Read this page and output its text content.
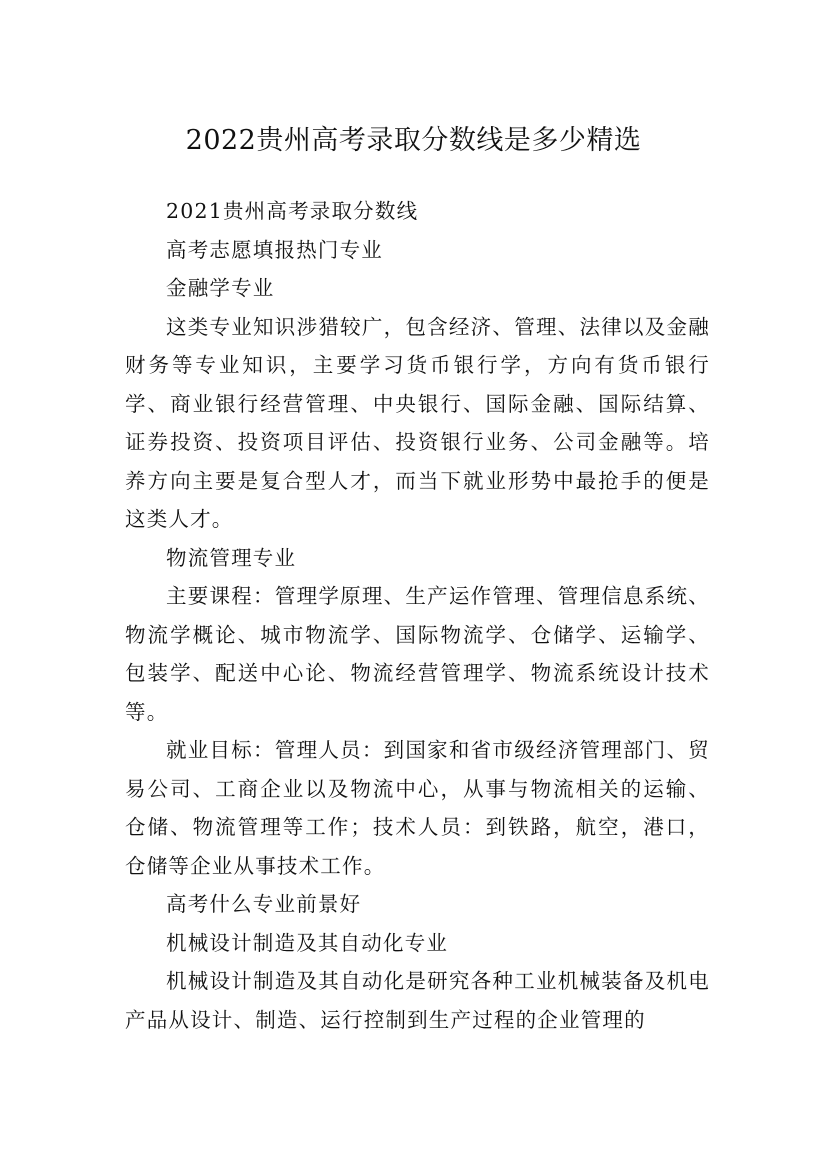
2022贵州高考录取分数线是多少精选

2021贵州高考录取分数线

高考志愿填报热门专业

金融学专业

这类专业知识涉猎较广，包含经济、管理、法律以及金融财务等专业知识，主要学习货币银行学，方向有货币银行学、商业银行经营管理、中央银行、国际金融、国际结算、证券投资、投资项目评估、投资银行业务、公司金融等。培养方向主要是复合型人才，而当下就业形势中最抢手的便是这类人才。

物流管理专业

主要课程：管理学原理、生产运作管理、管理信息系统、物流学概论、城市物流学、国际物流学、仓储学、运输学、包装学、配送中心论、物流经营管理学、物流系统设计技术等。

就业目标：管理人员：到国家和省市级经济管理部门、贸易公司、工商企业以及物流中心，从事与物流相关的运输、仓储、物流管理等工作；技术人员：到铁路，航空，港口，仓储等企业从事技术工作。

高考什么专业前景好

机械设计制造及其自动化专业

机械设计制造及其自动化是研究各种工业机械装备及机电产品从设计、制造、运行控制到生产过程的企业管理的
